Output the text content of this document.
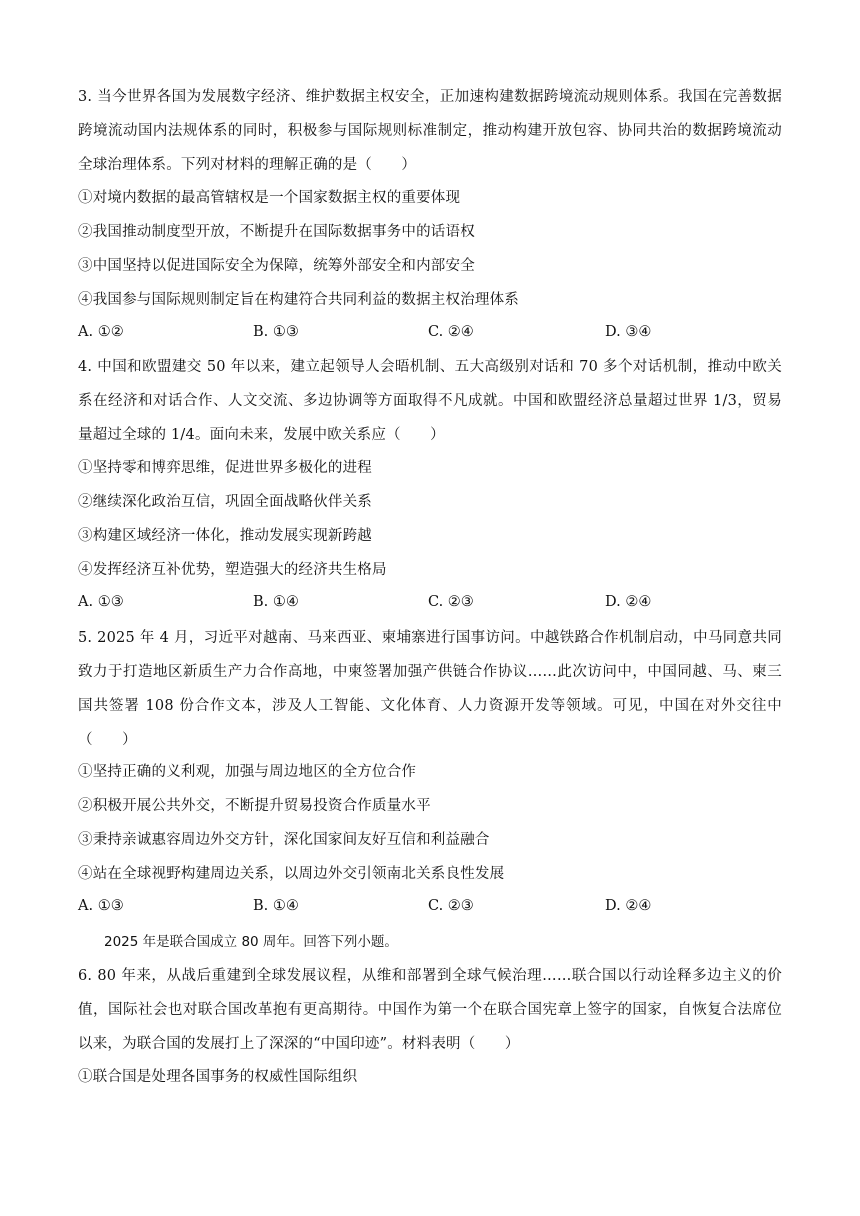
3. 当今世界各国为发展数字经济、维护数据主权安全，正加速构建数据跨境流动规则体系。我国在完善数据跨境流动国内法规体系的同时，积极参与国际规则标准制定，推动构建开放包容、协同共治的数据跨境流动全球治理体系。下列对材料的理解正确的是（　　）
①对境内数据的最高管辖权是一个国家数据主权的重要体现
②我国推动制度型开放，不断提升在国际数据事务中的话语权
③中国坚持以促进国际安全为保障，统筹外部安全和内部安全
④我国参与国际规则制定旨在构建符合共同利益的数据主权治理体系
A. ①②	B. ①③	C. ②④	D. ③④
4. 中国和欧盟建交 50 年以来，建立起领导人会晤机制、五大高级别对话和 70 多个对话机制，推动中欧关系在经济和对话合作、人文交流、多边协调等方面取得不凡成就。中国和欧盟经济总量超过世界 1/3，贸易量超过全球的 1/4。面向未来，发展中欧关系应（　　）
①坚持零和博弈思维，促进世界多极化的进程
②继续深化政治互信，巩固全面战略伙伴关系
③构建区域经济一体化，推动发展实现新跨越
④发挥经济互补优势，塑造强大的经济共生格局
A. ①③	B. ①④	C. ②③	D. ②④
5. 2025 年 4 月，习近平对越南、马来西亚、柬埔寨进行国事访问。中越铁路合作机制启动，中马同意共同致力于打造地区新质生产力合作高地，中柬签署加强产供链合作协议……此次访问中，中国同越、马、柬三国共签署 108 份合作文本，涉及人工智能、文化体育、人力资源开发等领域。可见，中国在对外交往中（　　）
①坚持正确的义利观，加强与周边地区的全方位合作
②积极开展公共外交，不断提升贸易投资合作质量水平
③秉持亲诚惠容周边外交方针，深化国家间友好互信和利益融合
④站在全球视野构建周边关系，以周边外交引领南北关系良性发展
A. ①③	B. ①④	C. ②③	D. ②④
2025 年是联合国成立 80 周年。回答下列小题。
6. 80 年来，从战后重建到全球发展议程，从维和部署到全球气候治理……联合国以行动诠释多边主义的价值，国际社会也对联合国改革抱有更高期待。中国作为第一个在联合国宪章上签字的国家，自恢复合法席位以来，为联合国的发展打上了深深的“中国印迹”。材料表明（　　）
①联合国是处理各国事务的权威性国际组织
